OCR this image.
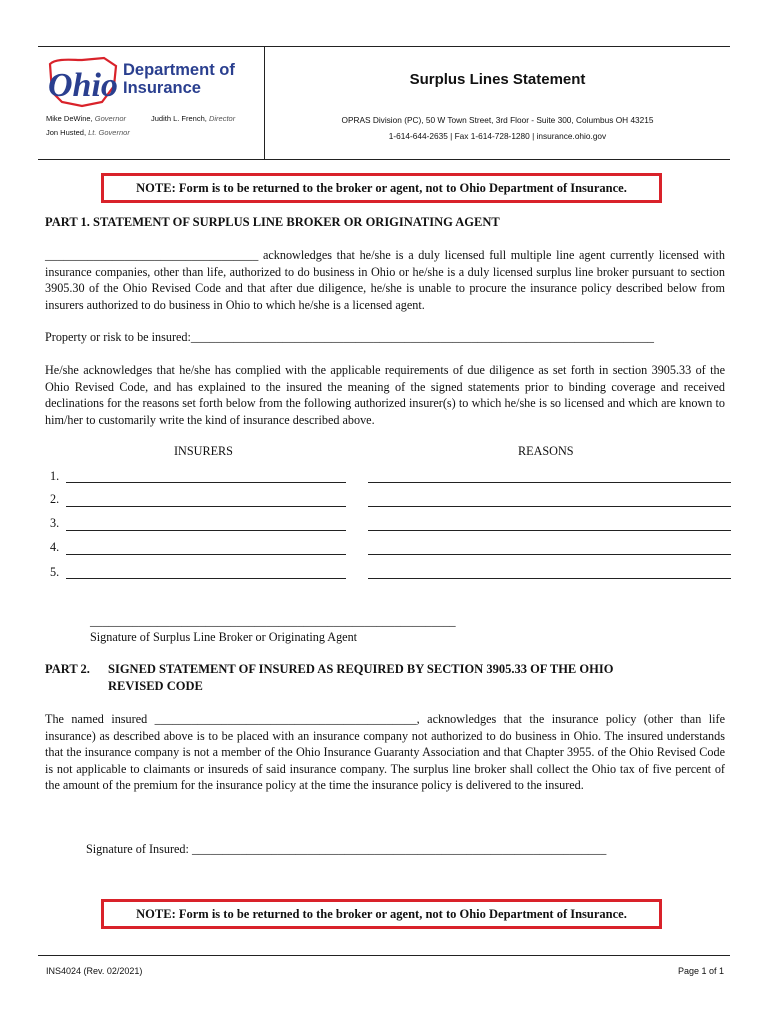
Ohio Department of
Insurance
Mike DeWine, Governor	Judith L. French, Director
Jon Husted, Lt. Governor
Surplus Lines Statement
OPRAS Division (PC), 50 W Town Street, 3rd Floor - Suite 300, Columbus OH 43215
1-614-644-2635 | Fax 1-614-728-1280 | insurance.ohio.gov
NOTE: Form is to be returned to the broker or agent, not to Ohio Department of Insurance.
PART 1. STATEMENT OF SURPLUS LINE BROKER OR ORIGINATING AGENT
___________________________________ acknowledges that he/she is a duly licensed full multiple line agent currently licensed with insurance companies, other than life, authorized to do business in Ohio or he/she is a duly licensed surplus line broker pursuant to section 3905.30 of the Ohio Revised Code and that after due diligence, he/she is unable to procure the insurance policy described below from insurers authorized to do business in Ohio to which he/she is a licensed agent.
Property or risk to be insured:____________________________________________________________________________
He/she acknowledges that he/she has complied with the applicable requirements of due diligence as set forth in section 3905.33 of the Ohio Revised Code, and has explained to the insured the meaning of the signed statements prior to binding coverage and received declinations for the reasons set forth below from the following authorized insurer(s) to which he/she is so licensed and which are known to him/her to customarily write the kind of insurance described above.
INSURERS	REASONS
1.
2.
3.
4.
5.
____________________________________________________________
Signature of Surplus Line Broker or Originating Agent
PART 2. SIGNED STATEMENT OF INSURED AS REQUIRED BY SECTION 3905.33 OF THE OHIO
REVISED CODE
The named insured ___________________________________________, acknowledges that the insurance policy (other than life insurance) as described above is to be placed with an insurance company not authorized to do business in Ohio. The insured understands that the insurance company is not a member of the Ohio Insurance Guaranty Association and that Chapter 3955. of the Ohio Revised Code is not applicable to claimants or insureds of said insurance company. The surplus line broker shall collect the Ohio tax of five percent of the amount of the premium for the insurance policy at the time the insurance policy is delivered to the insured.
Signature of Insured: ____________________________________________________________________
NOTE: Form is to be returned to the broker or agent, not to Ohio Department of Insurance.
INS4024 (Rev. 02/2021)	Page 1 of 1
